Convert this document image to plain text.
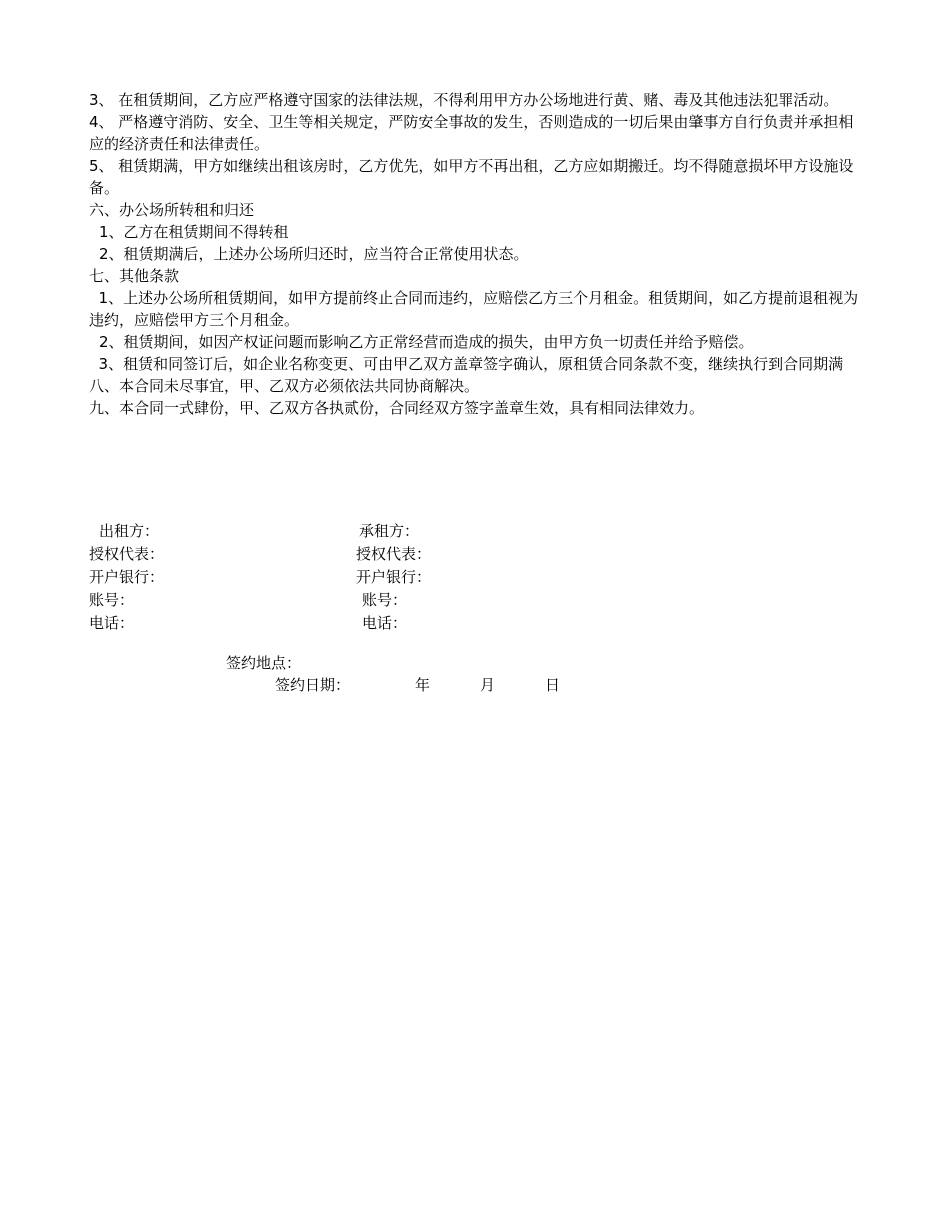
3、 在租赁期间，乙方应严格遵守国家的法律法规，不得利用甲方办公场地进行黄、赌、毒及其他违法犯罪活动。

4、 严格遵守消防、安全、卫生等相关规定，严防安全事故的发生，否则造成的一切后果由肇事方自行负责并承担相应的经济责任和法律责任。

5、 租赁期满，甲方如继续出租该房时，乙方优先，如甲方不再出租，乙方应如期搬迁。均不得随意损坏甲方设施设备。

六、办公场所转租和归还

1、乙方在租赁期间不得转租

2、租赁期满后，上述办公场所归还时，应当符合正常使用状态。

七、其他条款

1、上述办公场所租赁期间，如甲方提前终止合同而违约，应赔偿乙方三个月租金。租赁期间，如乙方提前退租视为违约，应赔偿甲方三个月租金。

2、租赁期间，如因产权证问题而影响乙方正常经营而造成的损失，由甲方负一切责任并给予赔偿。

3、租赁和同签订后，如企业名称变更、可由甲乙双方盖章签字确认，原租赁合同条款不变，继续执行到合同期满

八、本合同未尽事宜，甲、乙双方必须依法共同协商解决。

九、本合同一式肆份，甲、乙双方各执贰份，合同经双方签字盖章生效，具有相同法律效力。

出租方：	承租方：
授权代表：	授权代表：
开户银行：	开户银行：
账号：	账号：
电话：	电话：
签约地点：
签约日期：	年	月	日
